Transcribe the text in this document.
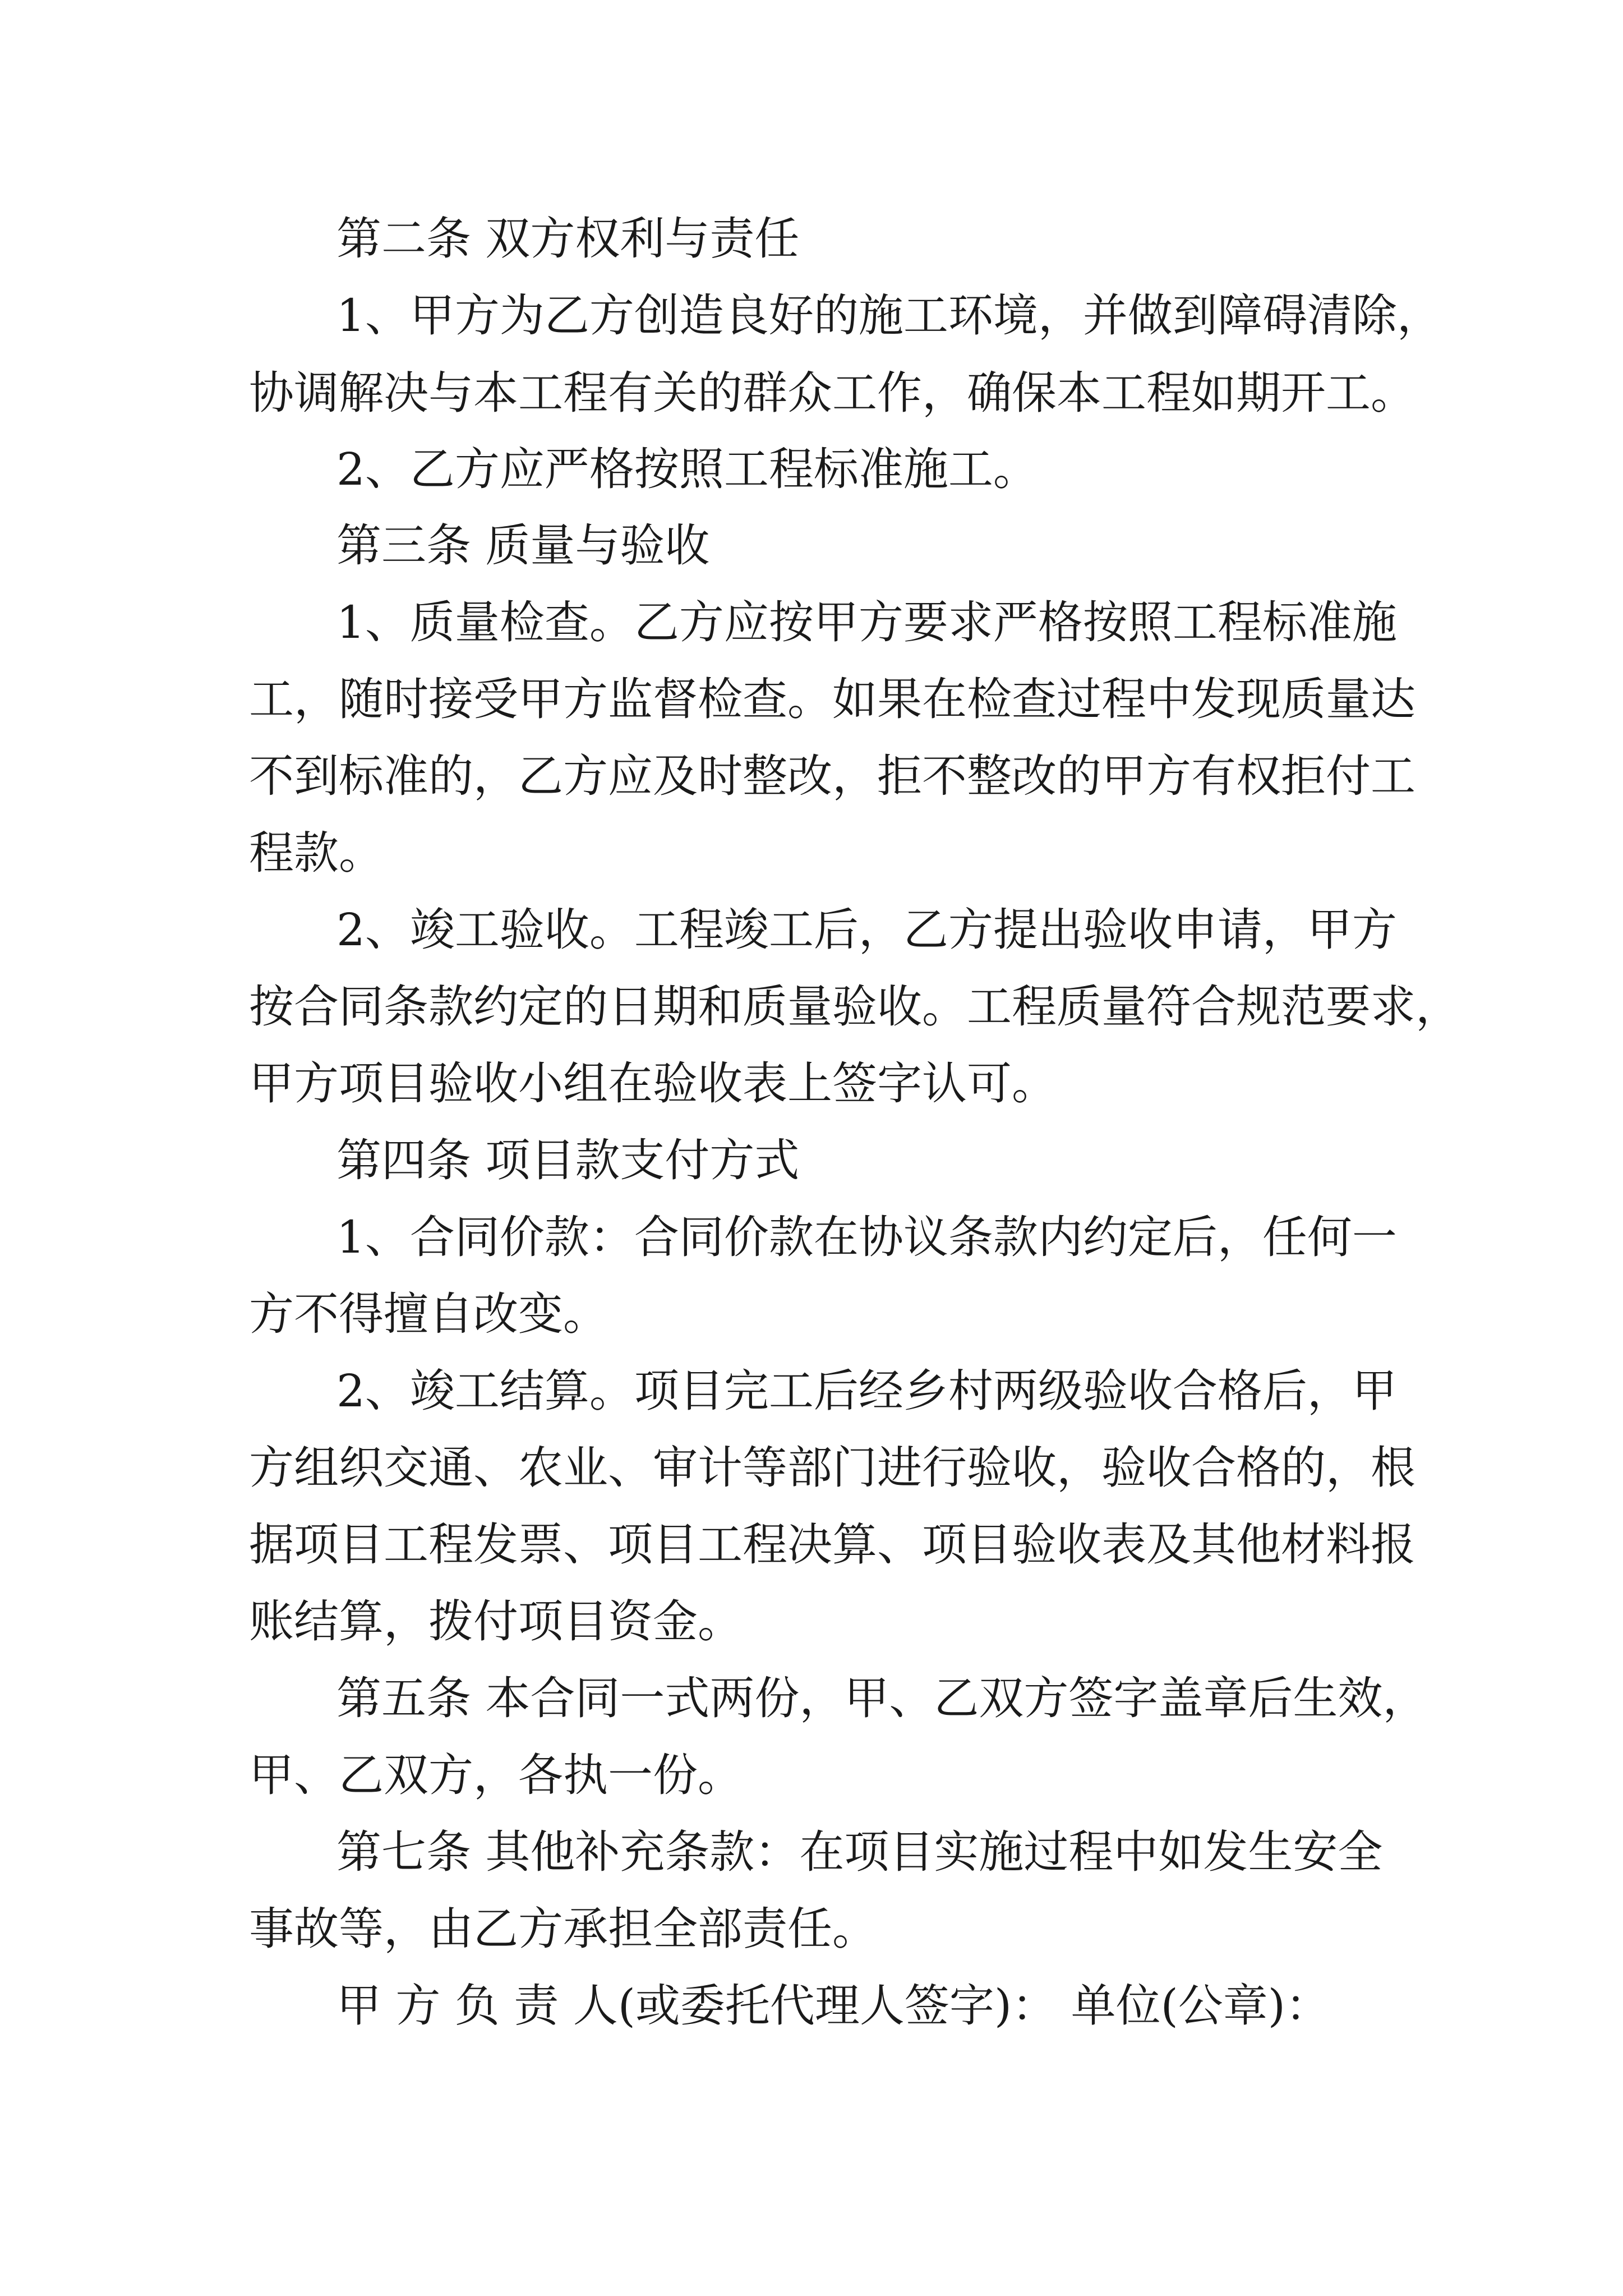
第二条 双方权利与责任

1、甲方为乙方创造良好的施工环境，并做到障碍清除，

协调解决与本工程有关的群众工作，确保本工程如期开工。

2、乙方应严格按照工程标准施工。

第三条 质量与验收

1、质量检查。乙方应按甲方要求严格按照工程标准施

工，随时接受甲方监督检查。如果在检查过程中发现质量达

不到标准的，乙方应及时整改，拒不整改的甲方有权拒付工

程款。

2、竣工验收。工程竣工后，乙方提出验收申请，甲方

按合同条款约定的日期和质量验收。工程质量符合规范要求，

甲方项目验收小组在验收表上签字认可。

第四条 项目款支付方式

1、合同价款：合同价款在协议条款内约定后，任何一

方不得擅自改变。

2、竣工结算。项目完工后经乡村两级验收合格后，甲

方组织交通、农业、审计等部门进行验收，验收合格的，根

据项目工程发票、项目工程决算、项目验收表及其他材料报

账结算，拨付项目资金。

第五条 本合同一式两份，甲、乙双方签字盖章后生效，

甲、乙双方，各执一份。

第七条 其他补充条款：在项目实施过程中如发生安全

事故等，由乙方承担全部责任。

甲 方 负 责 人(或委托代理人签字)： 单位(公章)：
